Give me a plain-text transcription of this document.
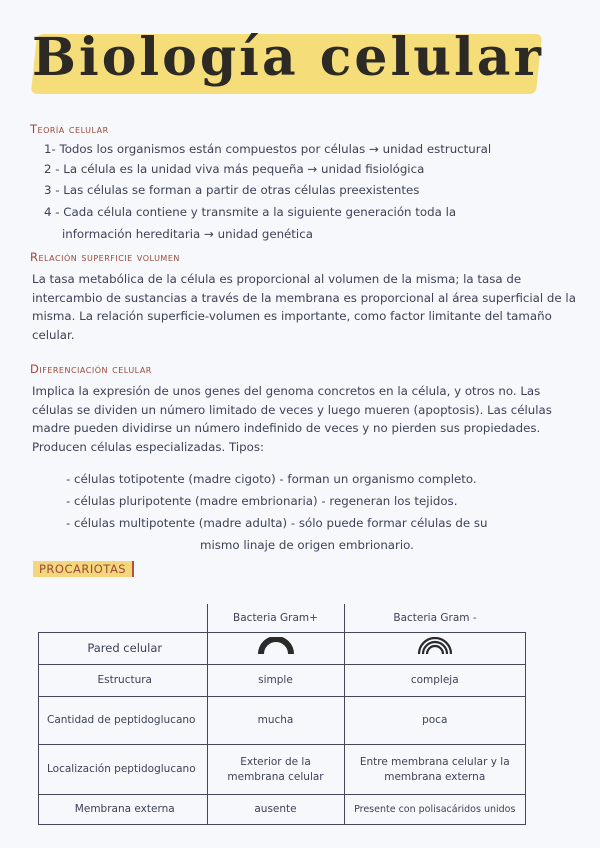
Biología celular
Teoría celular
1- Todos los organismos están compuestos por células → unidad estructural
2 - La célula es la unidad viva más pequeña → unidad fisiológica
3 - Las células se forman a partir de otras células preexistentes
4 - Cada célula contiene y transmite a la siguiente generación toda la
información hereditaria → unidad genética
Relación superficie volumen
La tasa metabólica de la célula es proporcional al volumen de la misma; la tasa de intercambio de sustancias a través de la membrana es proporcional al área superficial de la misma. La relación superficie-volumen es importante, como factor limitante del tamaño celular.
Diferenciación celular
Implica la expresión de unos genes del genoma concretos en la célula, y otros no. Las células se dividen un número limitado de veces y luego mueren (apoptosis). Las células madre pueden dividirse un número indefinido de veces y no pierden sus propiedades. Producen células especializadas. Tipos:
- células totipotente (madre cigoto) - forman un organismo completo.
- células pluripotente (madre embrionaria) - regeneran los tejidos.
- células multipotente (madre adulta) - sólo puede formar células de su
mismo linaje de origen embrionario.
PROCARIOTAS
	Bacteria Gram+	Bacteria Gram -
Pared celular		
Estructura	simple	compleja
Cantidad de peptidoglucano	mucha	poca
Localización peptidoglucano	Exterior de la membrana celular	Entre membrana celular y la membrana externa
Membrana externa	ausente	Presente con polisacáridos unidos
